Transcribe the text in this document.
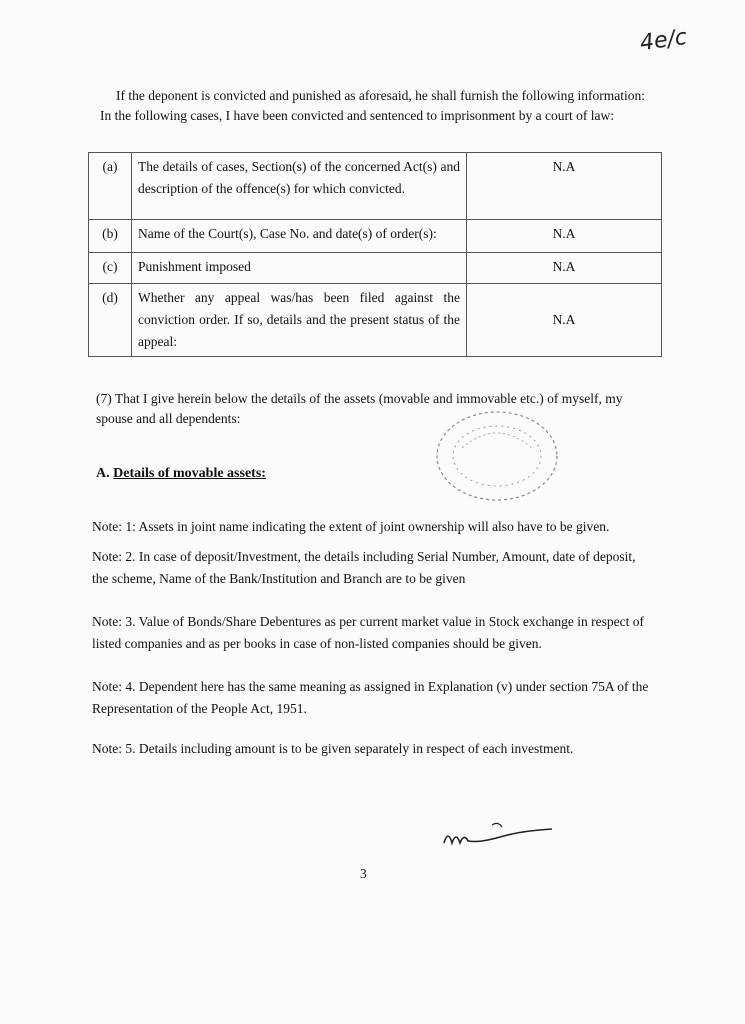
4e/c
If the deponent is convicted and punished as aforesaid, he shall furnish the following information:
In the following cases, I have been convicted and sentenced to imprisonment by a court of law:
(a)	The details of cases, Section(s) of the concerned Act(s) and description of the offence(s) for which convicted.	N.A
(b)	Name of the Court(s), Case No. and date(s) of order(s):	N.A
(c)	Punishment imposed	N.A
(d)	Whether any appeal was/has been filed against the conviction order. If so, details and the present status of the appeal:	N.A
(7) That I give herein below the details of the assets (movable and immovable etc.) of myself, my spouse and all dependents:
A. Details of movable assets:
Note: 1: Assets in joint name indicating the extent of joint ownership will also have to be given.
Note: 2. In case of deposit/Investment, the details including Serial Number, Amount, date of deposit, the scheme, Name of the Bank/Institution and Branch are to be given
Note: 3. Value of Bonds/Share Debentures as per current market value in Stock exchange in respect of listed companies and as per books in case of non-listed companies should be given.
Note: 4. Dependent here has the same meaning as assigned in Explanation (v) under section 75A of the Representation of the People Act, 1951.
Note: 5. Details including amount is to be given separately in respect of each investment.
3
